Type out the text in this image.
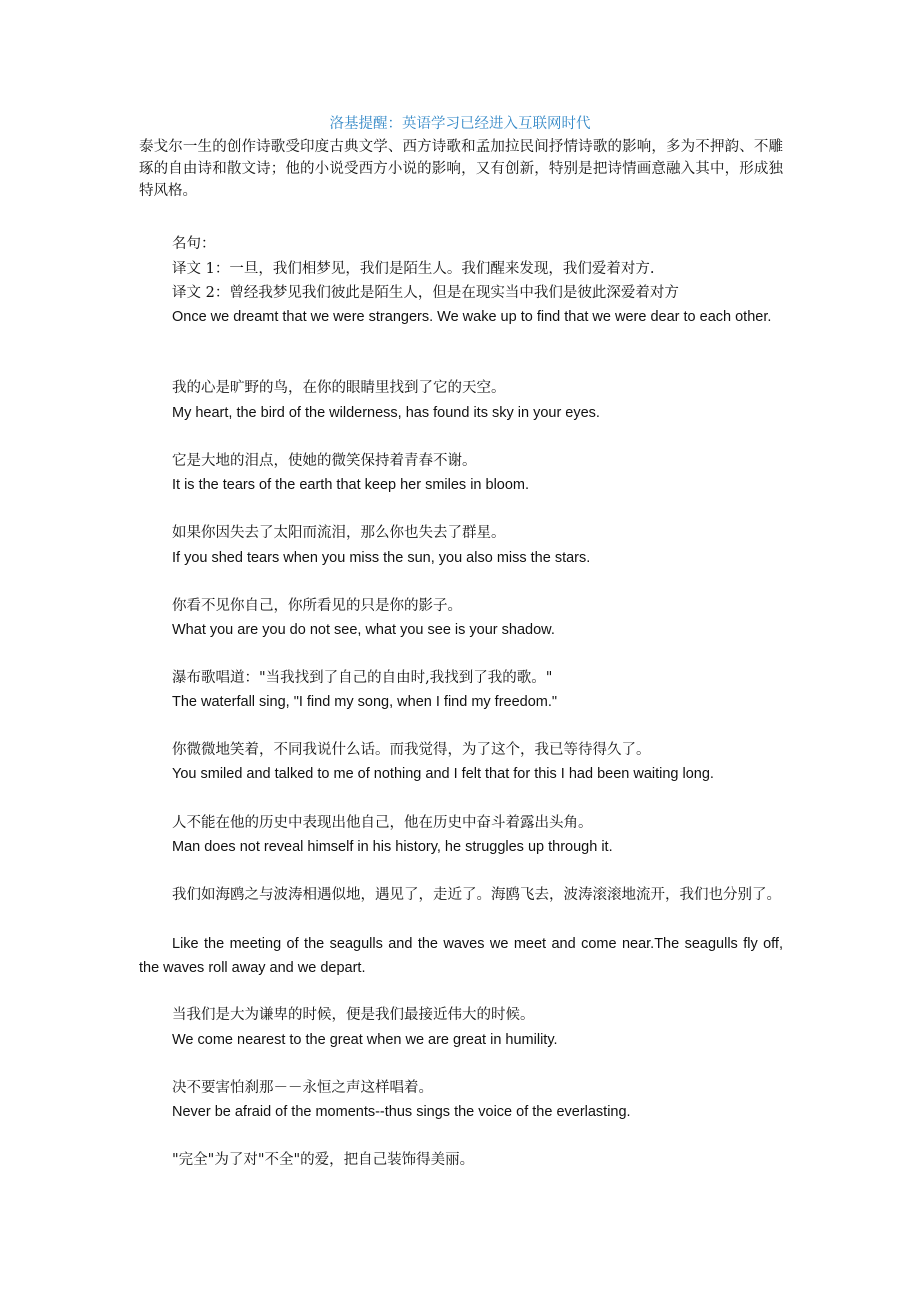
洛基提醒：英语学习已经进入互联网时代

泰戈尔一生的创作诗歌受印度古典文学、西方诗歌和孟加拉民间抒情诗歌的影响，多为不押韵、不雕琢的自由诗和散文诗；他的小说受西方小说的影响，又有创新，特别是把诗情画意融入其中，形成独特风格。

名句：

译文 1：一旦，我们相梦见，我们是陌生人。我们醒来发现，我们爱着对方.

译文 2：曾经我梦见我们彼此是陌生人，但是在现实当中我们是彼此深爱着对方

Once we dreamt that we were strangers. We wake up to find that we were dear to each other.

我的心是旷野的鸟，在你的眼睛里找到了它的天空。

My heart, the bird of the wilderness, has found its sky in your eyes.

它是大地的泪点，使她的微笑保持着青春不谢。

It is the tears of the earth that keep her smiles in bloom.

如果你因失去了太阳而流泪，那么你也失去了群星。

If you shed tears when you miss the sun, you also miss the stars.

你看不见你自己，你所看见的只是你的影子。

What you are you do not see, what you see is your shadow.

瀑布歌唱道："当我找到了自己的自由时,我找到了我的歌。"

The waterfall sing, "I find my song, when I find my freedom."

你微微地笑着，不同我说什么话。而我觉得，为了这个，我已等待得久了。

You smiled and talked to me of nothing and I felt that for this I had been waiting long.

人不能在他的历史中表现出他自己，他在历史中奋斗着露出头角。

Man does not reveal himself in his history, he struggles up through it.

我们如海鸥之与波涛相遇似地，遇见了，走近了。海鸥飞去，波涛滚滚地流开，我们也分别了。

Like the meeting of the seagulls and the waves we meet and come near.The seagulls fly off, the waves roll away and we depart.

当我们是大为谦卑的时候，便是我们最接近伟大的时候。

We come nearest to the great when we are great in humility.

决不要害怕刹那－－永恒之声这样唱着。

Never be afraid of the moments--thus sings the voice of the everlasting.

"完全"为了对"不全"的爱，把自己装饰得美丽。
